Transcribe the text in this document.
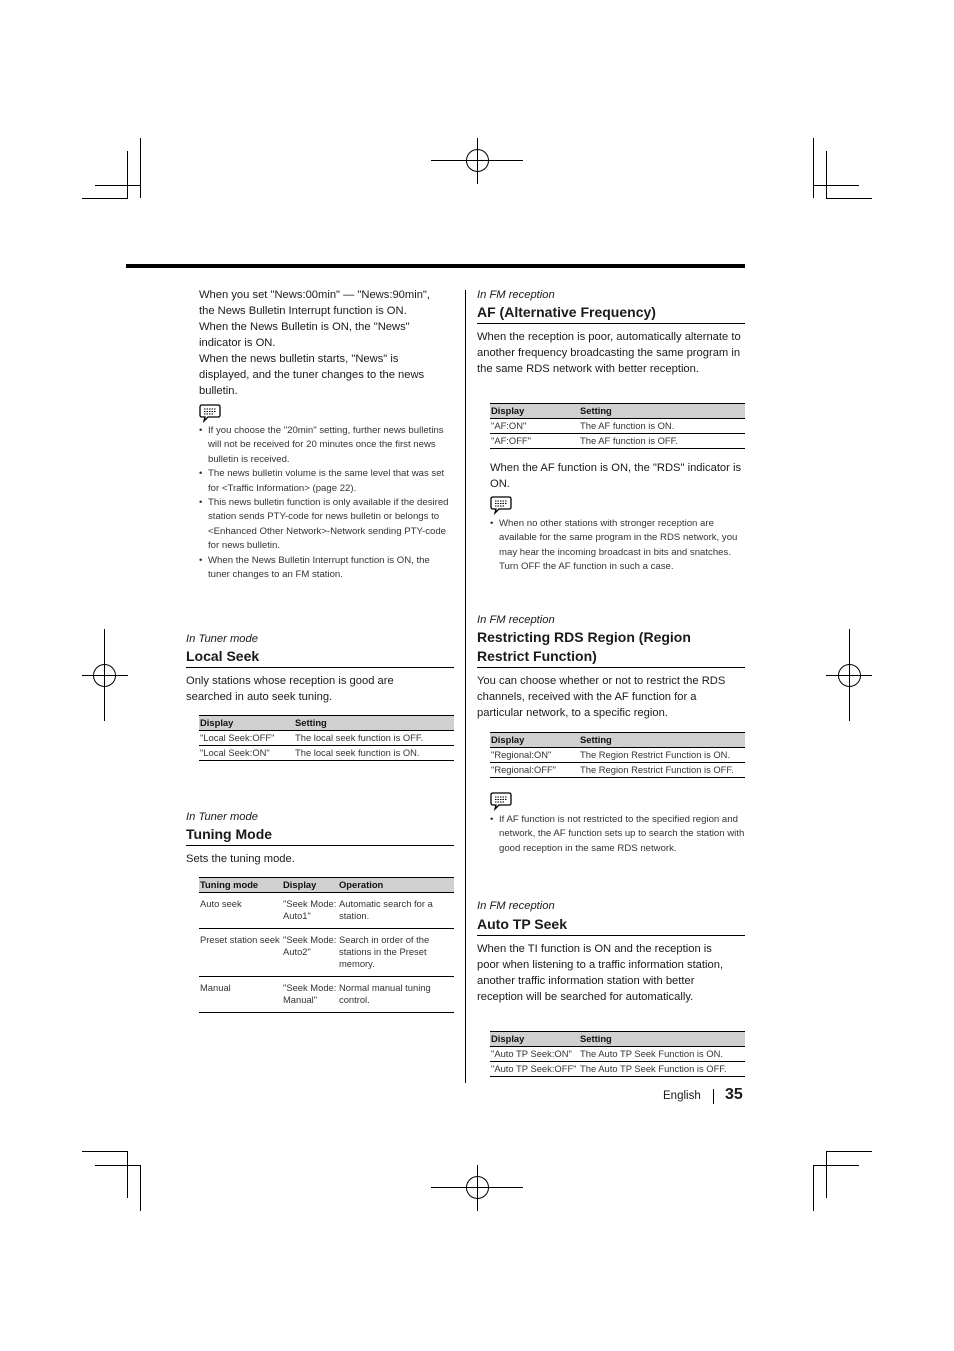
When you set "News:00min" — "News:90min", the News Bulletin Interrupt function is ON.

When the News Bulletin is ON, the "News" indicator is ON.

When the news bulletin starts, "News" is displayed, and the tuner changes to the news bulletin.

• If you choose the "20min" setting, further news bulletins will not be received for 20 minutes once the first news bulletin is received.
• The news bulletin volume is the same level that was set for <Traffic Information> (page 22).
• This news bulletin function is only available if the desired station sends PTY-code for news bulletin or belongs to <Enhanced Other Network>-Network sending PTY-code for news bulletin.
• When the News Bulletin Interrupt function is ON, the tuner changes to an FM station.
In Tuner mode
Local Seek
Only stations whose reception is good are searched in auto seek tuning.
Display	Setting
"Local Seek:OFF"	The local seek function is OFF.
"Local Seek:ON"	The local seek function is ON.
In Tuner mode
Tuning Mode
Sets the tuning mode.
Tuning mode	Display	Operation
Auto seek	"Seek Mode: Auto1"	Automatic search for a station.
Preset station seek	"Seek Mode: Auto2"	Search in order of the stations in the Preset memory.
Manual	"Seek Mode: Manual"	Normal manual tuning control.
In FM reception
AF (Alternative Frequency)
When the reception is poor, automatically alternate to another frequency broadcasting the same program in the same RDS network with better reception.
Display	Setting
"AF:ON"	The AF function is ON.
"AF:OFF"	The AF function is OFF.
When the AF function is ON, the "RDS" indicator is ON.
• When no other stations with stronger reception are available for the same program in the RDS network, you may hear the incoming broadcast in bits and snatches. Turn OFF the AF function in such a case.
In FM reception
Restricting RDS Region (Region Restrict Function)
You can choose whether or not to restrict the RDS channels, received with the AF function for a particular network, to a specific region.
Display	Setting
"Regional:ON"	The Region Restrict Function is ON.
"Regional:OFF"	The Region Restrict Function is OFF.
• If AF function is not restricted to the specified region and network, the AF function sets up to search the station with good reception in the same RDS network.
In FM reception
Auto TP Seek
When the TI function is ON and the reception is poor when listening to a traffic information station, another traffic information station with better reception will be searched for automatically.
Display	Setting
"Auto TP Seek:ON"	The Auto TP Seek Function is ON.
"Auto TP Seek:OFF"	The Auto TP Seek Function is OFF.
English 35
